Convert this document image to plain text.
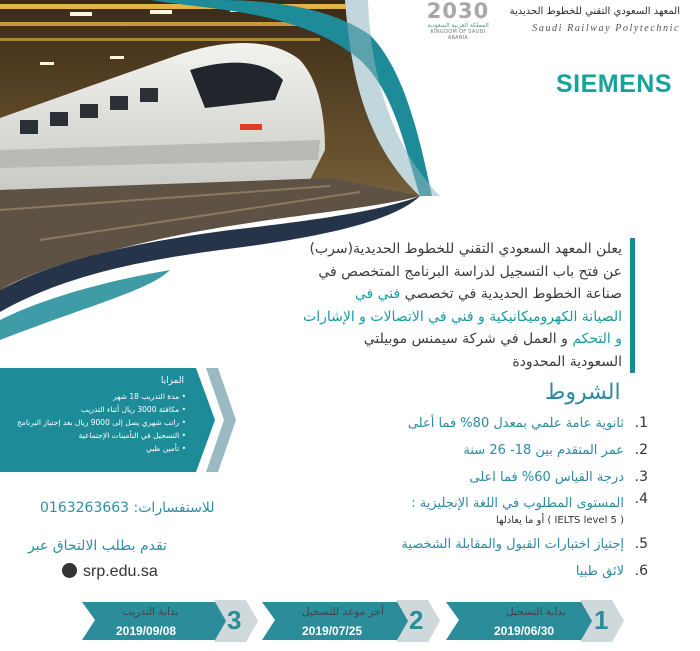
المعهد السعودي التقني للخطوط الحديدية
Saudi Railway Polytechnic
2030
المملكة العربية السعودية
KINGDOM OF SAUDI ARABIA
SIEMENS
يعلن المعهد السعودي التقني للخطوط الحديدية(سرب)
عن فتح باب التسجيل لدراسة البرنامج المتخصص في
صناعة الخطوط الحديدية في تخصصي فني في
الصيانة الكهروميكانيكية و فني في الاتصالات و الإشارات
و التحكم و العمل في شركة سيمنس موبيلتي
السعودية المحدودة
المزايا
• مدة التدريب 18 شهر
• مكافئة 3000 ريال أثناء التدريب
• راتب شهري يصل إلى 9000 ريال بعد إجتياز البرنامج
• التسجيل في التأمينات الإجتماعية
• تأمين طبي
للاستفسارات: 0163263663
تقدم بطلب الالتحاق عبر
srp.edu.sa
الشروط
1.
ثانوية عامة علمي بمعدل 80% فما أعلى
2.
عمر المتقدم بين 18- 26 سنة
3.
درجة القياس 60% فما اعلى
4.
المستوى المطلوب في اللغة الإنجليزية :
( IELTS level 5 ) أو ما يعادلها
5.
إجتياز اختبارات القبول والمقابلة الشخصية
6.
لائق طبيا
بداية التسجيل
2019/06/30 1
أخر موعد للتسجيل
2019/07/25 2
بداية التدريب
2019/09/08 3
